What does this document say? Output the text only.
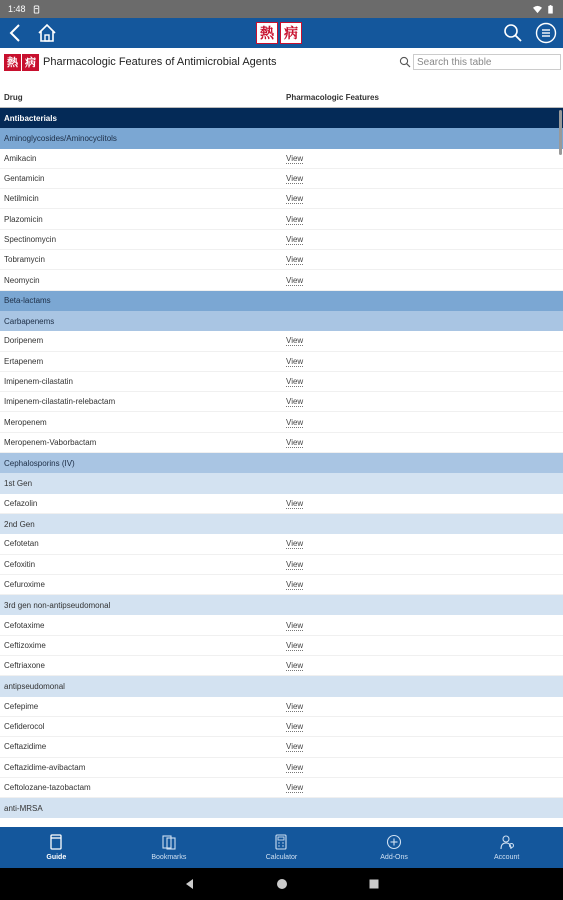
1:48
熱 病
熱 病 Pharmacologic Features of Antimicrobial Agents
Search this table
Drug	Pharmacologic Features
Antibacterials
Aminoglycosides/Aminocyclitols
Amikacin	View
Gentamicin	View
Netilmicin	View
Plazomicin	View
Spectinomycin	View
Tobramycin	View
Neomycin	View
Beta-lactams
Carbapenems
Doripenem	View
Ertapenem	View
Imipenem-cilastatin	View
Imipenem-cilastatin-relebactam	View
Meropenem	View
Meropenem-Vaborbactam	View
Cephalosporins (IV)
1st Gen
Cefazolin	View
2nd Gen
Cefotetan	View
Cefoxitin	View
Cefuroxime	View
3rd gen non-antipseudomonal
Cefotaxime	View
Ceftizoxime	View
Ceftriaxone	View
antipseudomonal
Cefepime	View
Cefiderocol	View
Ceftazidime	View
Ceftazidime-avibactam	View
Ceftolozane-tazobactam	View
anti-MRSA
Guide	Bookmarks	Calculator	Add-Ons	Account
